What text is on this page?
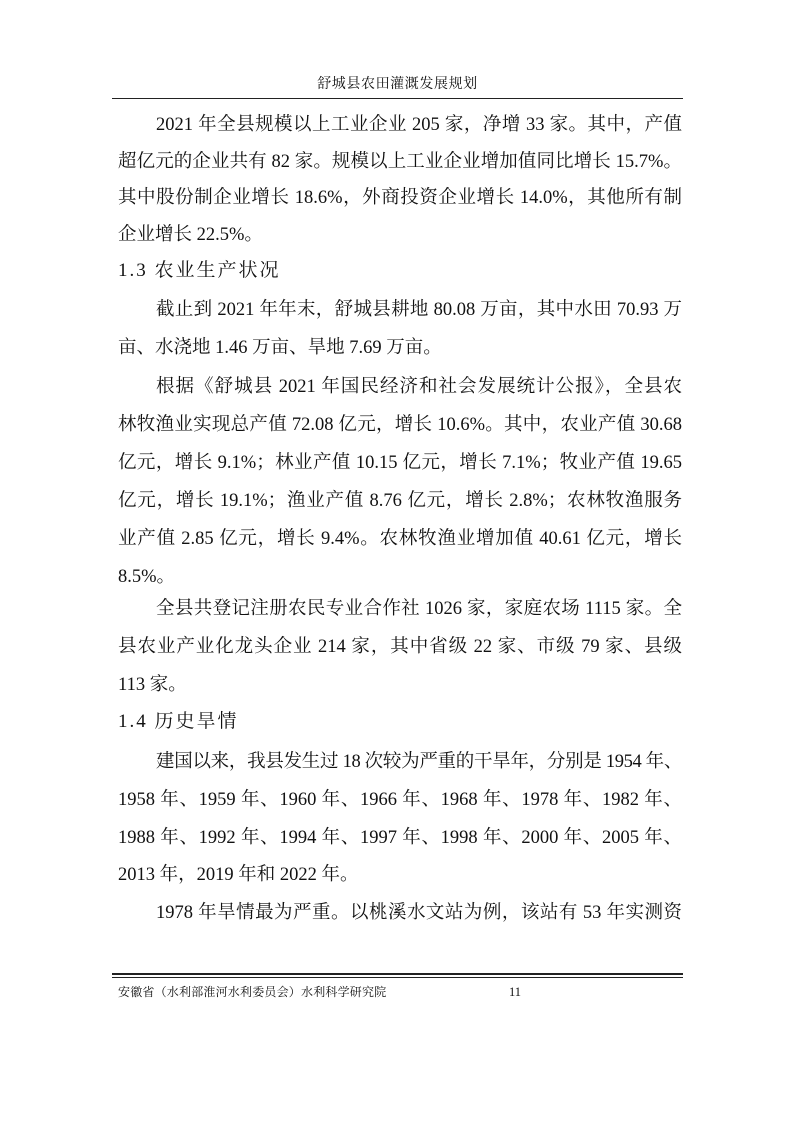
舒城县农田灌溉发展规划
2021 年全县规模以上工业企业 205 家，净增 33 家。其中，产值
超亿元的企业共有 82 家。规模以上工业企业增加值同比增长 15.7%。
其中股份制企业增长 18.6%，外商投资企业增长 14.0%，其他所有制
企业增长 22.5%。
1.3 农业生产状况
截止到 2021 年年末，舒城县耕地 80.08 万亩，其中水田 70.93 万
亩、水浇地 1.46 万亩、旱地 7.69 万亩。
根据《舒城县 2021 年国民经济和社会发展统计公报》，全县农
林牧渔业实现总产值 72.08 亿元，增长 10.6%。其中，农业产值 30.68
亿元，增长 9.1%；林业产值 10.15 亿元，增长 7.1%；牧业产值 19.65
亿元，增长 19.1%；渔业产值 8.76 亿元，增长 2.8%；农林牧渔服务
业产值 2.85 亿元，增长 9.4%。农林牧渔业增加值 40.61 亿元，增长
8.5%。
全县共登记注册农民专业合作社 1026 家，家庭农场 1115 家。全
县农业产业化龙头企业 214 家，其中省级 22 家、市级 79 家、县级
113 家。
1.4 历史旱情
建国以来，我县发生过 18 次较为严重的干旱年，分别是 1954 年、
1958 年、1959 年、1960 年、1966 年、1968 年、1978 年、1982 年、
1988 年、1992 年、1994 年、1997 年、1998 年、2000 年、2005 年、
2013 年，2019 年和 2022 年。
1978 年旱情最为严重。以桃溪水文站为例，该站有 53 年实测资
安徽省（水利部淮河水利委员会）水利科学研究院	11
